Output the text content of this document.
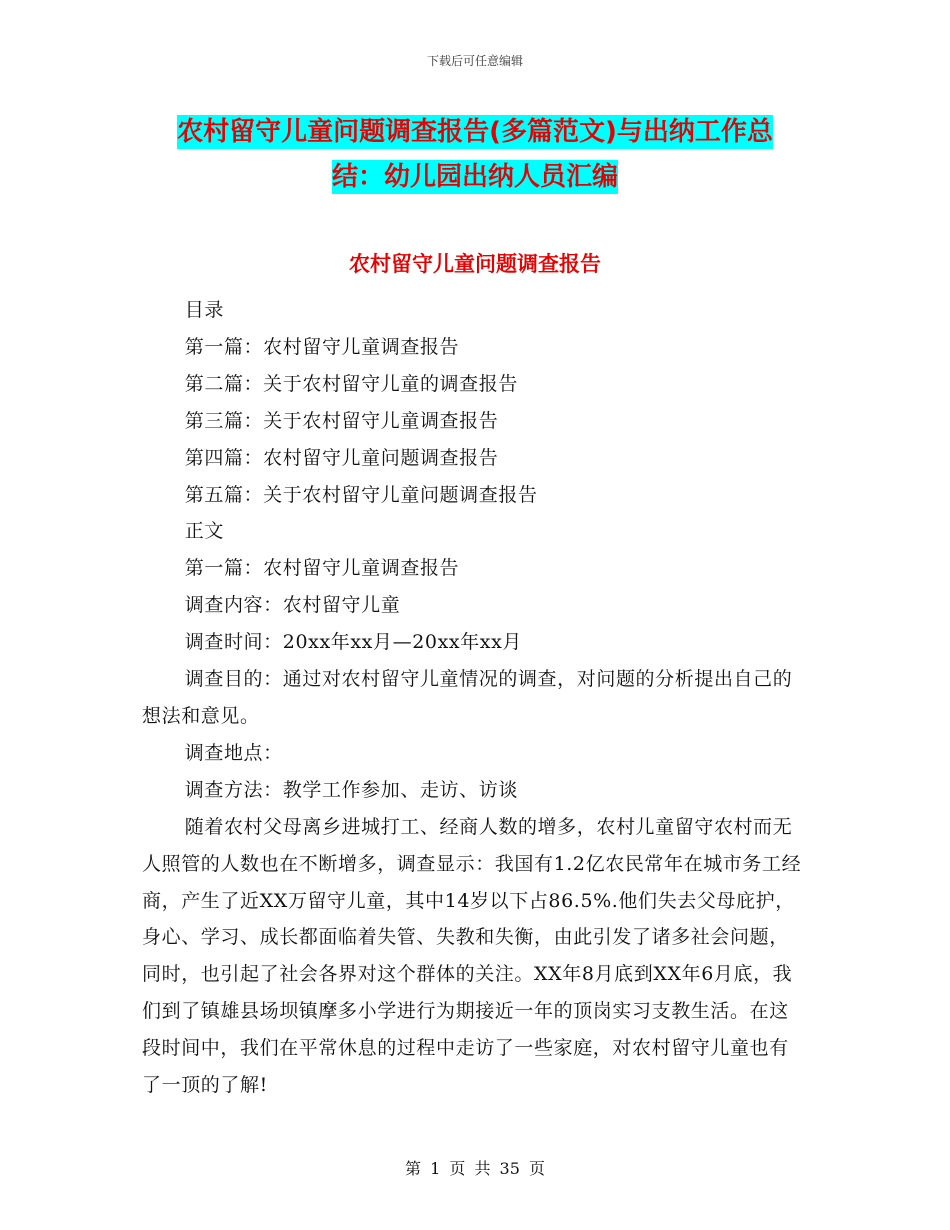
下载后可任意编辑
农村留守儿童问题调查报告(多篇范文)与出纳工作总
结：幼儿园出纳人员汇编
农村留守儿童问题调查报告

目录

第一篇：农村留守儿童调查报告

第二篇：关于农村留守儿童的调查报告

第三篇：关于农村留守儿童调查报告

第四篇：农村留守儿童问题调查报告

第五篇：关于农村留守儿童问题调查报告

正文

第一篇：农村留守儿童调查报告

调查内容：农村留守儿童

调查时间：20xx年xx月—20xx年xx月

调查目的：通过对农村留守儿童情况的调查，对问题的分析提出自己的想法和意见。

调查地点：

调查方法：教学工作参加、走访、访谈

随着农村父母离乡进城打工、经商人数的增多，农村儿童留守农村而无人照管的人数也在不断增多，调查显示：我国有1.2亿农民常年在城市务工经商，产生了近XX万留守儿童，其中14岁以下占86.5%.他们失去父母庇护，身心、学习、成长都面临着失管、失教和失衡，由此引发了诸多社会问题，同时，也引起了社会各界对这个群体的关注。XX年8月底到XX年6月底，我们到了镇雄县场坝镇摩多小学进行为期接近一年的顶岗实习支教生活。在这段时间中，我们在平常休息的过程中走访了一些家庭，对农村留守儿童也有了一顶的了解!

第 1 页 共 35 页
